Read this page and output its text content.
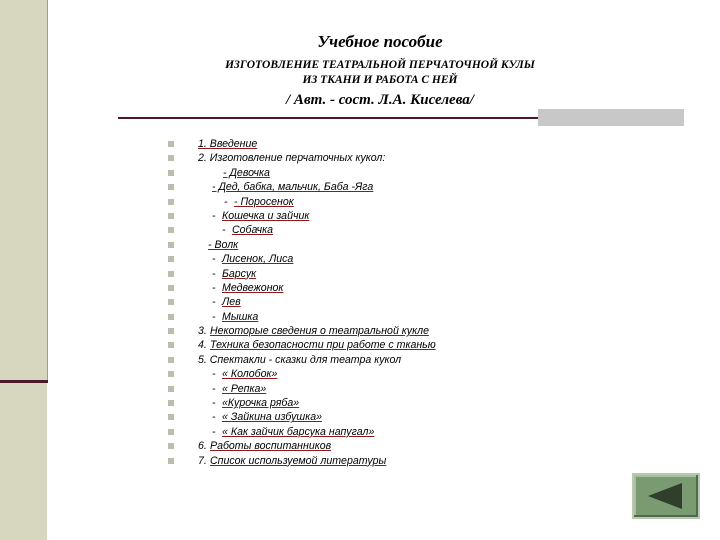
Учебное пособие
ИЗГОТОВЛЕНИЕ ТЕАТРАЛЬНОЙ ПЕРЧАТОЧНОЙ КУЛЫ
ИЗ ТКАНИ И РАБОТА С НЕЙ
/ Авт. - сост. Л.А. Киселева/
1. Введение
2. Изготовление перчаточных кукол:
- Девочка
- Дед, бабка, мальчик, Баба -Яга
- - Поросенок
- Кошечка и зайчик
- Собачка
- Волк
- Лисенок, Лиса
- Барсук
- Медвежонок
- Лев
- Мышка
3. Некоторые сведения о театральной кукле
4. Техника безопасности при работе с тканью
5. Спектакли - сказки для театра кукол
- « Колобок»
- « Репка»
- «Курочка ряба»
- « Зайкина избушка»
- « Как зайчик барсука напугал»
6. Работы воспитанников
7. Список используемой литературы
